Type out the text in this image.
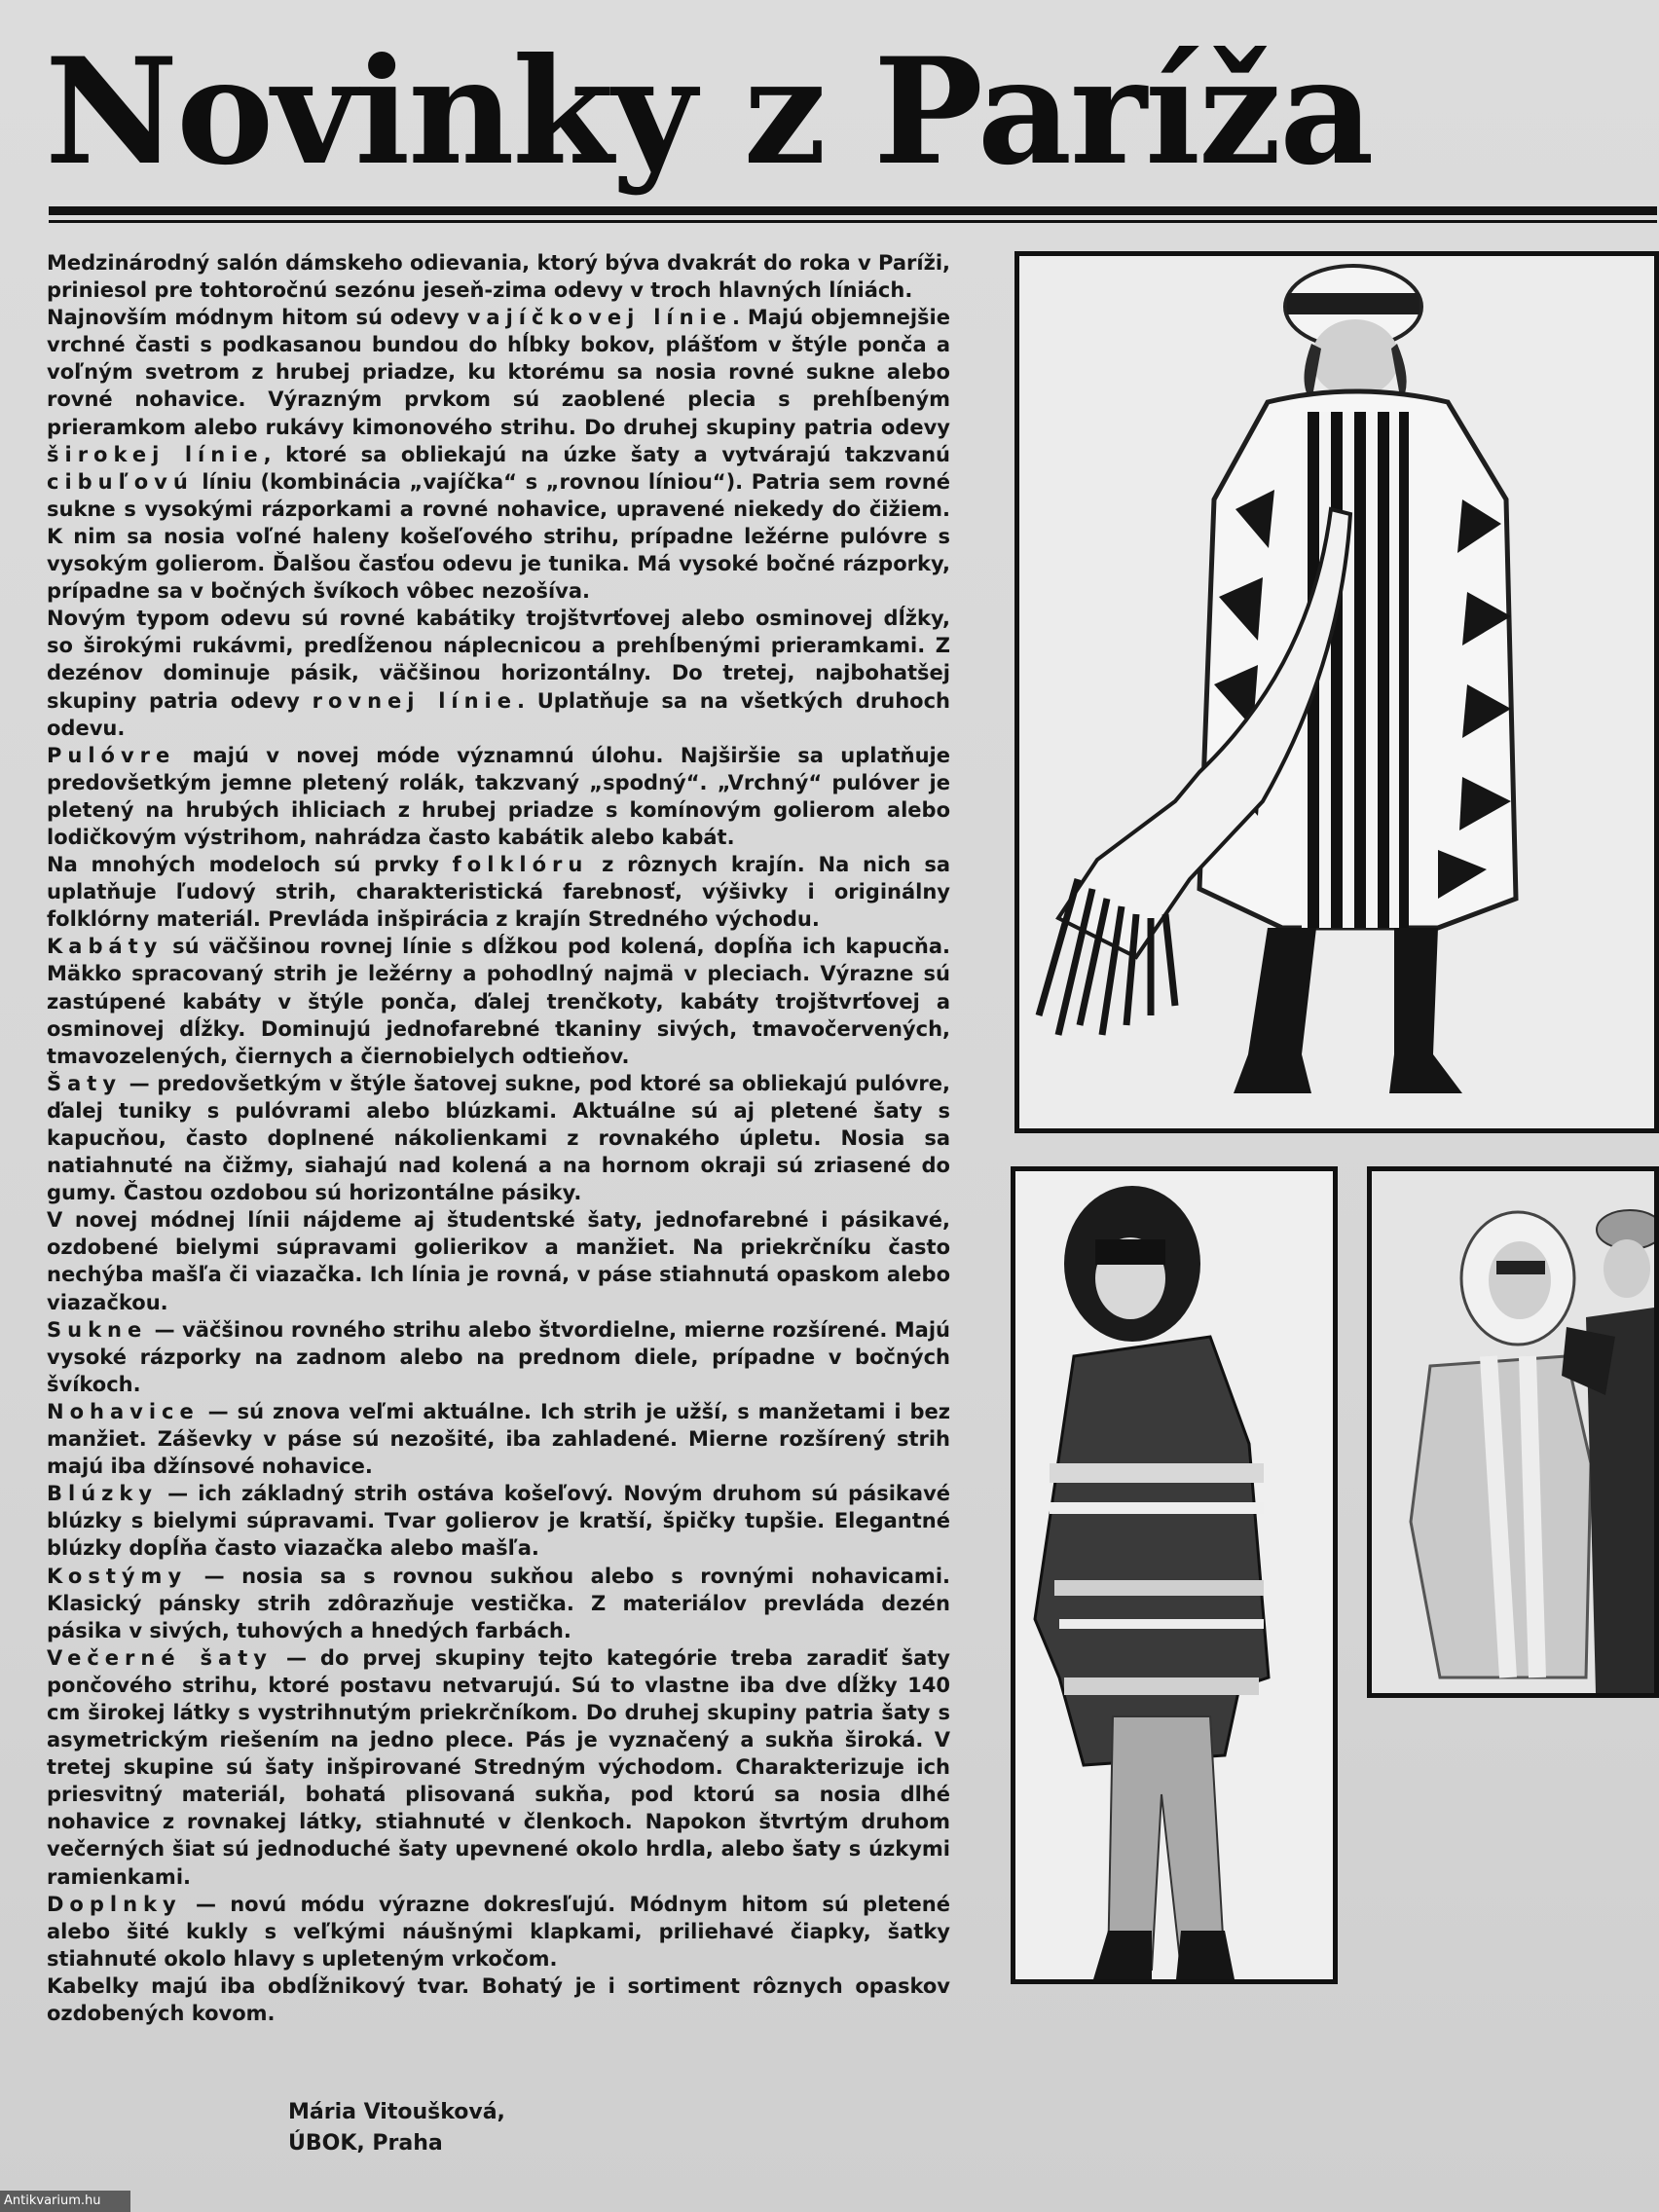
Novinky z Paríža

Medzinárodný salón dámskeho odievania, ktorý býva dvakrát do roka v Paríži, priniesol pre tohtoročnú sezónu jeseň-zima odevy v troch hlavných líniách.

Najnovším módnym hitom sú odevy vajíčkovej línie. Majú objemnejšie vrchné časti s podkasanou bundou do hĺbky bokov, plášťom v štýle ponča a voľným svetrom z hrubej priadze, ku ktorému sa nosia rovné sukne alebo rovné nohavice. Výrazným prvkom sú zaoblené plecia s prehĺbeným prieramkom alebo rukávy kimonového strihu. Do druhej skupiny patria odevy širokej línie, ktoré sa obliekajú na úzke šaty a vytvárajú takzvanú cibuľovú líniu (kombinácia „vajíčka“ s „rovnou líniou“). Patria sem rovné sukne s vysokými rázporkami a rovné nohavice, upravené niekedy do čižiem. K nim sa nosia voľné haleny košeľového strihu, prípadne ležérne pulóvre s vysokým golierom. Ďalšou časťou odevu je tunika. Má vysoké bočné rázporky, prípadne sa v bočných švíkoch vôbec nezošíva.

Novým typom odevu sú rovné kabátiky trojštvrťovej alebo osminovej dĺžky, so širokými rukávmi, predĺženou náplecnicou a prehĺbenými prieramkami. Z dezénov dominuje pásik, väčšinou horizontálny. Do tretej, najbohatšej skupiny patria odevy rovnej línie. Uplatňuje sa na všetkých druhoch odevu.

Pulóvre majú v novej móde významnú úlohu. Najširšie sa uplatňuje predovšetkým jemne pletený rolák, takzvaný „spodný“. „Vrchný“ pulóver je pletený na hrubých ihliciach z hrubej priadze s komínovým golierom alebo lodičkovým výstrihom, nahrádza často kabátik alebo kabát.

Na mnohých modeloch sú prvky folklóru z rôznych krajín. Na nich sa uplatňuje ľudový strih, charakteristická farebnosť, výšivky i originálny folklórny materiál. Prevláda inšpirácia z krajín Stredného východu.

Kabáty sú väčšinou rovnej línie s dĺžkou pod kolená, dopĺňa ich kapucňa. Mäkko spracovaný strih je ležérny a pohodlný najmä v pleciach. Výrazne sú zastúpené kabáty v štýle ponča, ďalej trenčkoty, kabáty trojštvrťovej a osminovej dĺžky. Dominujú jednofarebné tkaniny sivých, tmavočervených, tmavozelených, čiernych a čiernobielych odtieňov.

Šaty — predovšetkým v štýle šatovej sukne, pod ktoré sa obliekajú pulóvre, ďalej tuniky s pulóvrami alebo blúzkami. Aktuálne sú aj pletené šaty s kapucňou, často doplnené nákolienkami z rovnakého úpletu. Nosia sa natiahnuté na čižmy, siahajú nad kolená a na hornom okraji sú zriasené do gumy. Častou ozdobou sú horizontálne pásiky.

V novej módnej línii nájdeme aj študentské šaty, jednofarebné i pásikavé, ozdobené bielymi súpravami golierikov a manžiet. Na priekrčníku často nechýba mašľa či viazačka. Ich línia je rovná, v páse stiahnutá opaskom alebo viazačkou.

Sukne — väčšinou rovného strihu alebo štvordielne, mierne rozšírené. Majú vysoké rázporky na zadnom alebo na prednom diele, prípadne v bočných švíkoch.

Nohavice — sú znova veľmi aktuálne. Ich strih je užší, s manžetami i bez manžiet. Záševky v páse sú nezošité, iba zahladené. Mierne rozšírený strih majú iba džínsové nohavice.

Blúzky — ich základný strih ostáva košeľový. Novým druhom sú pásikavé blúzky s bielymi súpravami. Tvar golierov je kratší, špičky tupšie. Elegantné blúzky dopĺňa často viazačka alebo mašľa.

Kostýmy — nosia sa s rovnou sukňou alebo s rovnými nohavicami. Klasický pánsky strih zdôrazňuje vestička. Z materiálov prevláda dezén pásika v sivých, tuhových a hnedých farbách.

Večerné šaty — do prvej skupiny tejto kategórie treba zaradiť šaty pončového strihu, ktoré postavu netvarujú. Sú to vlastne iba dve dĺžky 140 cm širokej látky s vystrihnutým priekrčníkom. Do druhej skupiny patria šaty s asymetrickým riešením na jedno plece. Pás je vyznačený a sukňa široká. V tretej skupine sú šaty inšpirované Stredným východom. Charakterizuje ich priesvitný materiál, bohatá plisovaná sukňa, pod ktorú sa nosia dlhé nohavice z rovnakej látky, stiahnuté v členkoch. Napokon štvrtým druhom večerných šiat sú jednoduché šaty upevnené okolo hrdla, alebo šaty s úzkymi ramienkami.

Doplnky — novú módu výrazne dokresľujú. Módnym hitom sú pletené alebo šité kukly s veľkými náušnými klapkami, priliehavé čiapky, šatky stiahnuté okolo hlavy s upleteným vrkočom.

Kabelky majú iba obdĺžnikový tvar. Bohatý je i sortiment rôznych opaskov ozdobených kovom.

Mária Vitoušková,
ÚBOK, Praha
Antikvarium.hu
